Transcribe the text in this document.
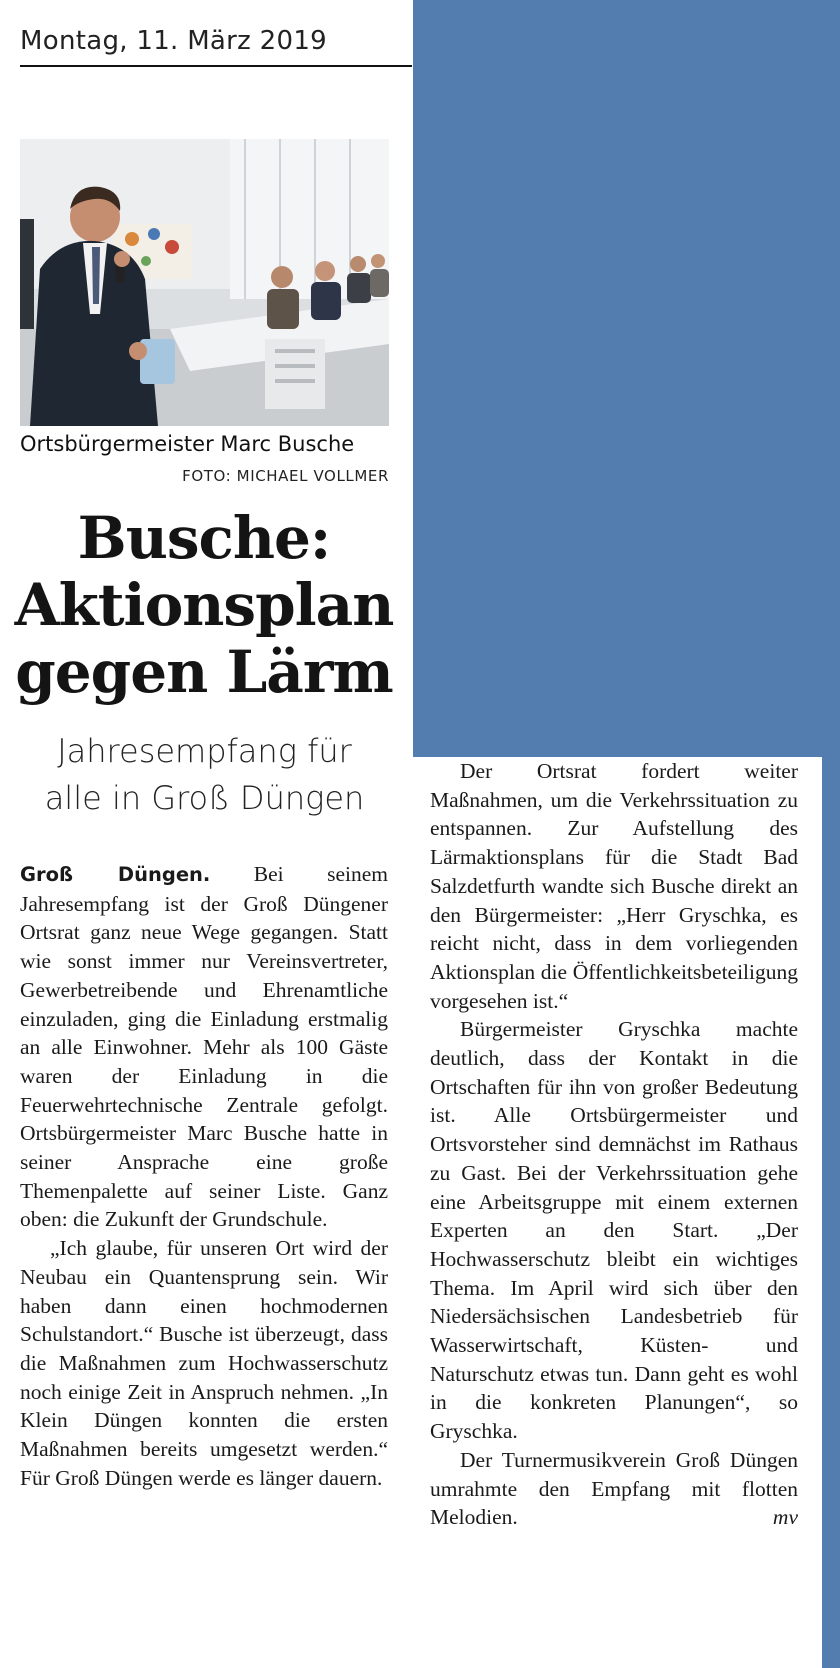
Montag, 11. März 2019
Ortsbürgermeister Marc Busche
FOTO: MICHAEL VOLLMER
Busche:
Aktionsplan
gegen Lärm
Jahresempfang für
alle in Groß Düngen

Groß Düngen. Bei seinem Jahresempfang ist der Groß Düngener Ortsrat ganz neue Wege gegangen. Statt wie sonst immer nur Vereinsvertreter, Gewerbetreibende und Ehrenamtliche einzuladen, ging die Einladung erstmalig an alle Einwohner. Mehr als 100 Gäste waren der Einladung in die Feuerwehrtechnische Zentrale gefolgt. Ortsbürgermeister Marc Busche hatte in seiner Ansprache eine große Themenpalette auf seiner Liste. Ganz oben: die Zukunft der Grundschule.

„Ich glaube, für unseren Ort wird der Neubau ein Quantensprung sein. Wir haben dann einen hochmodernen Schulstandort.“ Busche ist überzeugt, dass die Maßnahmen zum Hochwasserschutz noch einige Zeit in Anspruch nehmen. „In Klein Düngen konnten die ersten Maßnahmen bereits umgesetzt werden.“ Für Groß Düngen werde es länger dauern.

Der Ortsrat fordert weiter Maßnahmen, um die Verkehrssituation zu entspannen. Zur Aufstellung des Lärmaktionsplans für die Stadt Bad Salzdetfurth wandte sich Busche direkt an den Bürgermeister: „Herr Gryschka, es reicht nicht, dass in dem vorliegenden Aktionsplan die Öffentlichkeitsbeteiligung vorgesehen ist.“

Bürgermeister Gryschka machte deutlich, dass der Kontakt in die Ortschaften für ihn von großer Bedeutung ist. Alle Ortsbürgermeister und Ortsvorsteher sind demnächst im Rathaus zu Gast. Bei der Verkehrssituation gehe eine Arbeitsgruppe mit einem externen Experten an den Start. „Der Hochwasserschutz bleibt ein wichtiges Thema. Im April wird sich über den Niedersächsischen Landesbetrieb für Wasserwirtschaft, Küsten- und Naturschutz etwas tun. Dann geht es wohl in die konkreten Planungen“, so Gryschka.

Der Turnermusikverein Groß Düngen umrahmte den Empfang mit flotten Melodien.	mv
